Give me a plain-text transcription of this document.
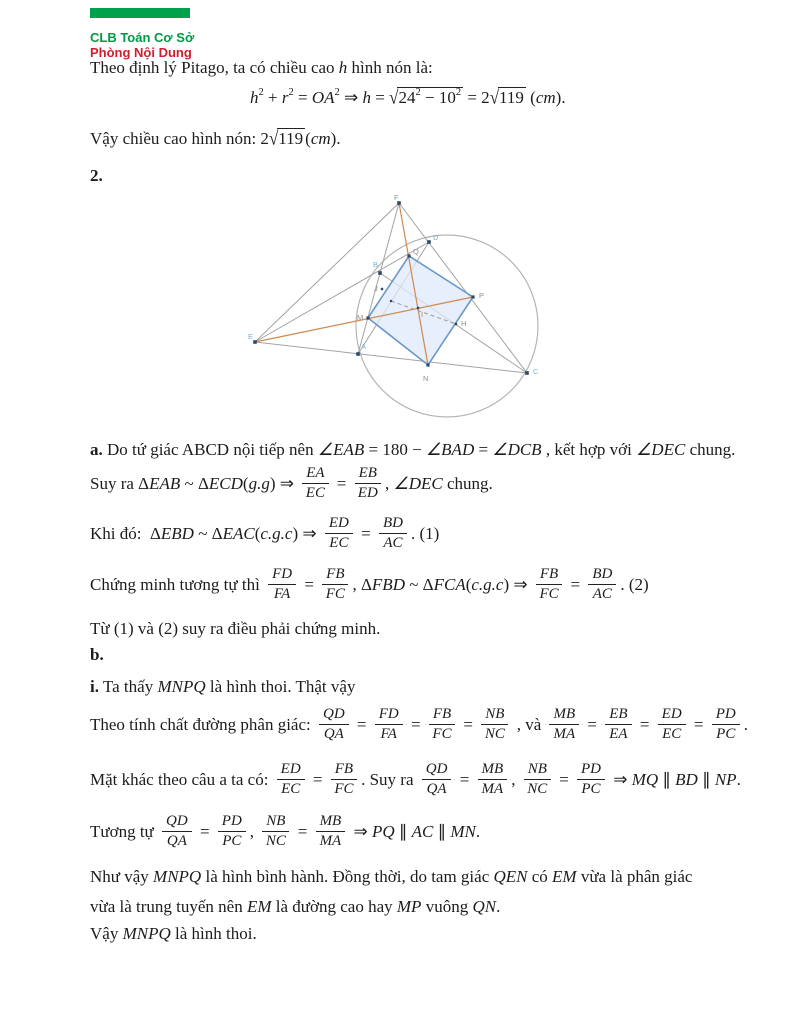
CLB Toán Cơ Sở
Phòng Nội Dung
Theo định lý Pitago, ta có chiều cao h hình nón là:
$h^2 + r^2 = OA^2$ ⇒ $h = √24^2 - 10^2 = 2√119$ (cm).
Vậy chiều cao hình nón: 2√119 (cm).
2.
F
E
C
D
B
A
Q
M
P
N
J
I
H
a. Do tứ giác ABCD nội tiếp nên ∠EAB = 180 − ∠BAD = ∠DCB , kết hợp với ∠DEC chung.
Suy ra ΔEAB ~ ΔECD(g.g) ⇒ $\frac{EA}{EC} = \frac{EB}{ED}$ , ∠DEC chung.
Khi đó:  ΔEBD ~ ΔEAC(c.g.c) ⇒ $\frac{ED}{EC} = \frac{BD}{AC}$ . (1)
Chứng minh tương tự thì $\frac{FD}{FA} = \frac{FB}{FC}$ , ΔFBD ~ ΔFCA(c.g.c) ⇒ $\frac{FB}{FC} = \frac{BD}{AC}$ . (2)
Từ (1) và (2) suy ra điều phải chứng minh.
b.
i. Ta thấy MNPQ là hình thoi. Thật vậy
Theo tính chất đường phân giác: $\frac{QD}{QA} = \frac{FD}{FA} = \frac{FB}{FC} = \frac{NB}{NC}$ , và $\frac{MB}{MA} = \frac{EB}{EA} = \frac{ED}{EC} = \frac{PD}{PC}$ .
Mặt khác theo câu a ta có: $\frac{ED}{EC} = \frac{FB}{FC}$ . Suy ra $\frac{QD}{QA} = \frac{MB}{MA}$ , $\frac{NB}{NC} = \frac{PD}{PC}$ ⇒ MQ ∥ BD ∥ NP.
Tương tự $\frac{QD}{QA} = \frac{PD}{PC}$ , $\frac{NB}{NC} = \frac{MB}{MA}$ ⇒ PQ ∥ AC ∥ MN.
Như vậy MNPQ là hình bình hành. Đồng thời, do tam giác QEN có EM vừa là phân giác
vừa là trung tuyến nên EM là đường cao hay MP vuông QN.
Vậy MNPQ là hình thoi.
